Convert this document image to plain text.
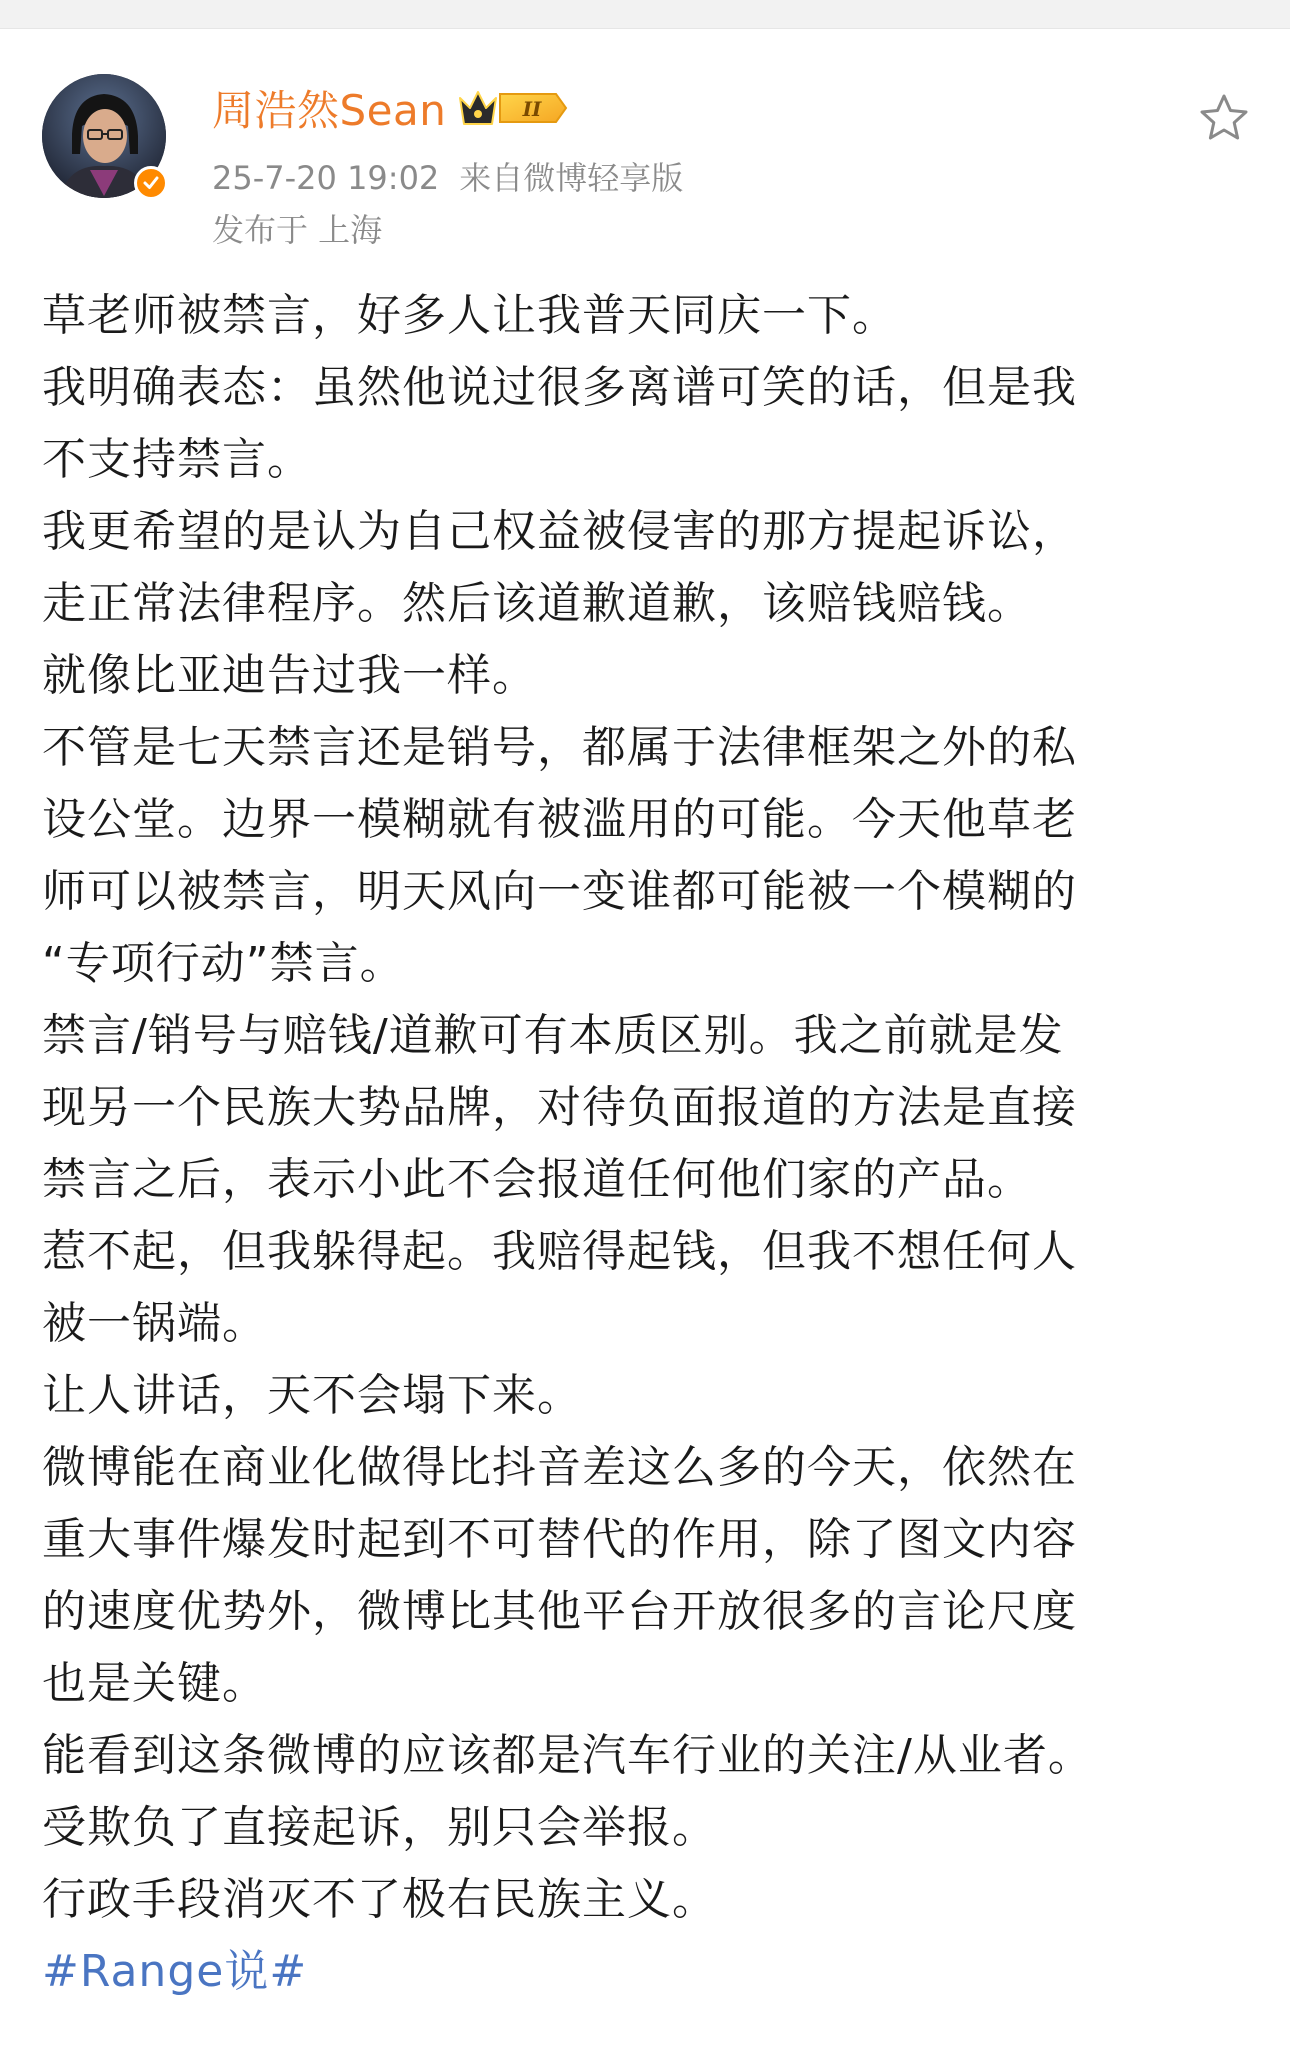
周浩然Sean	II
25-7-20 19:02 来自微博轻享版
发布于 上海

草老师被禁言，好多人让我普天同庆一下。

我明确表态：虽然他说过很多离谱可笑的话，但是我
不支持禁言。

我更希望的是认为自己权益被侵害的那方提起诉讼，
走正常法律程序。然后该道歉道歉，该赔钱赔钱。

就像比亚迪告过我一样。

不管是七天禁言还是销号，都属于法律框架之外的私
设公堂。边界一模糊就有被滥用的可能。今天他草老
师可以被禁言，明天风向一变谁都可能被一个模糊的
“专项行动”禁言。

禁言/销号与赔钱/道歉可有本质区别。我之前就是发
现另一个民族大势品牌，对待负面报道的方法是直接
禁言之后，表示小此不会报道任何他们家的产品。

惹不起，但我躲得起。我赔得起钱，但我不想任何人
被一锅端。

让人讲话，天不会塌下来。

微博能在商业化做得比抖音差这么多的今天，依然在
重大事件爆发时起到不可替代的作用，除了图文内容
的速度优势外，微博比其他平台开放很多的言论尺度
也是关键。

能看到这条微博的应该都是汽车行业的关注/从业者。

受欺负了直接起诉，别只会举报。

行政手段消灭不了极右民族主义。

#Range说#
